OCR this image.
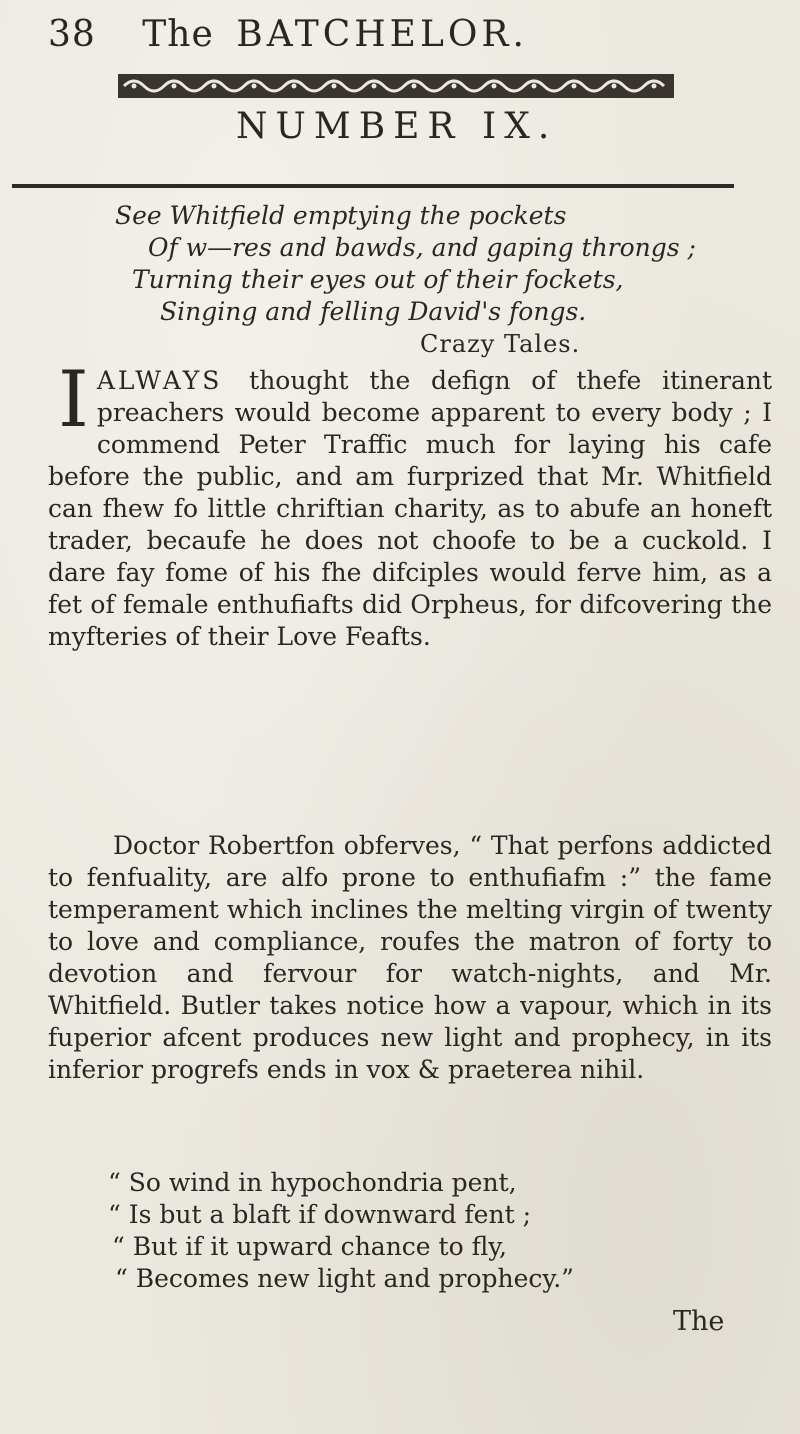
38 The BATCHELOR.
NUMBER IX.
See Whitfield emptying the pockets
Of w—res and bawds, and gaping throngs ;
Turning their eyes out of their fockets,
Singing and felling David's fongs.
Crazy Tales.
I ALWAYS thought the defign of thefe itinerant preachers would become apparent to every body ; I commend Peter Traffic much for laying his cafe before the public, and am furprized that Mr. Whitfield can fhew fo little chriftian charity, as to abufe an honeft trader, becaufe he does not choofe to be a cuckold. I dare fay fome of his fhe difciples would ferve him, as a fet of female enthufiafts did Orpheus, for difcovering the myfteries of their Love Feafts.
Doctor Robertfon obferves, “ That perfons addicted to fenfuality, are alfo prone to enthufiafm :” the fame temperament which inclines the melting virgin of twenty to love and compliance, roufes the matron of forty to devotion and fervour for watch-nights, and Mr. Whitfield. Butler takes notice how a vapour, which in its fuperior afcent produces new light and prophecy, in its inferior progrefs ends in vox & praeterea nihil.
“ So wind in hypochondria pent,
“ Is but a blaft if downward fent ;
“ But if it upward chance to fly,
“ Becomes new light and prophecy.”
The
